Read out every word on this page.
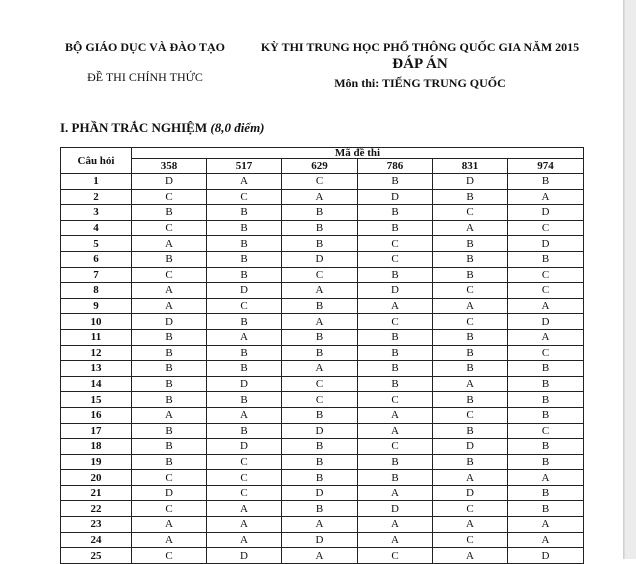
BỘ GIÁO DỤC VÀ ĐÀO TẠO
ĐỀ THI CHÍNH THỨC
KỲ THI TRUNG HỌC PHỔ THÔNG QUỐC GIA NĂM 2015
ĐÁP ÁN
Môn thi: TIẾNG TRUNG QUỐC
I. PHẦN TRẮC NGHIỆM (8,0 điểm)
Câu hỏi	Mã đề thi					
	358	517	629	786	831	974
1	D	A	C	B	D	B
2	C	C	A	D	B	A
3	B	B	B	B	C	D
4	C	B	B	B	A	C
5	A	B	B	C	B	D
6	B	B	D	C	B	B
7	C	B	C	B	B	C
8	A	D	A	D	C	C
9	A	C	B	A	A	A
10	D	B	A	C	C	D
11	B	A	B	B	B	A
12	B	B	B	B	B	C
13	B	B	A	B	B	B
14	B	D	C	B	A	B
15	B	B	C	C	B	B
16	A	A	B	A	C	B
17	B	B	D	A	B	C
18	B	D	B	C	D	B
19	B	C	B	B	B	B
20	C	C	B	B	A	A
21	D	C	D	A	D	B
22	C	A	B	D	C	B
23	A	A	A	A	A	A
24	A	A	D	A	C	A
25	C	D	A	C	A	D
